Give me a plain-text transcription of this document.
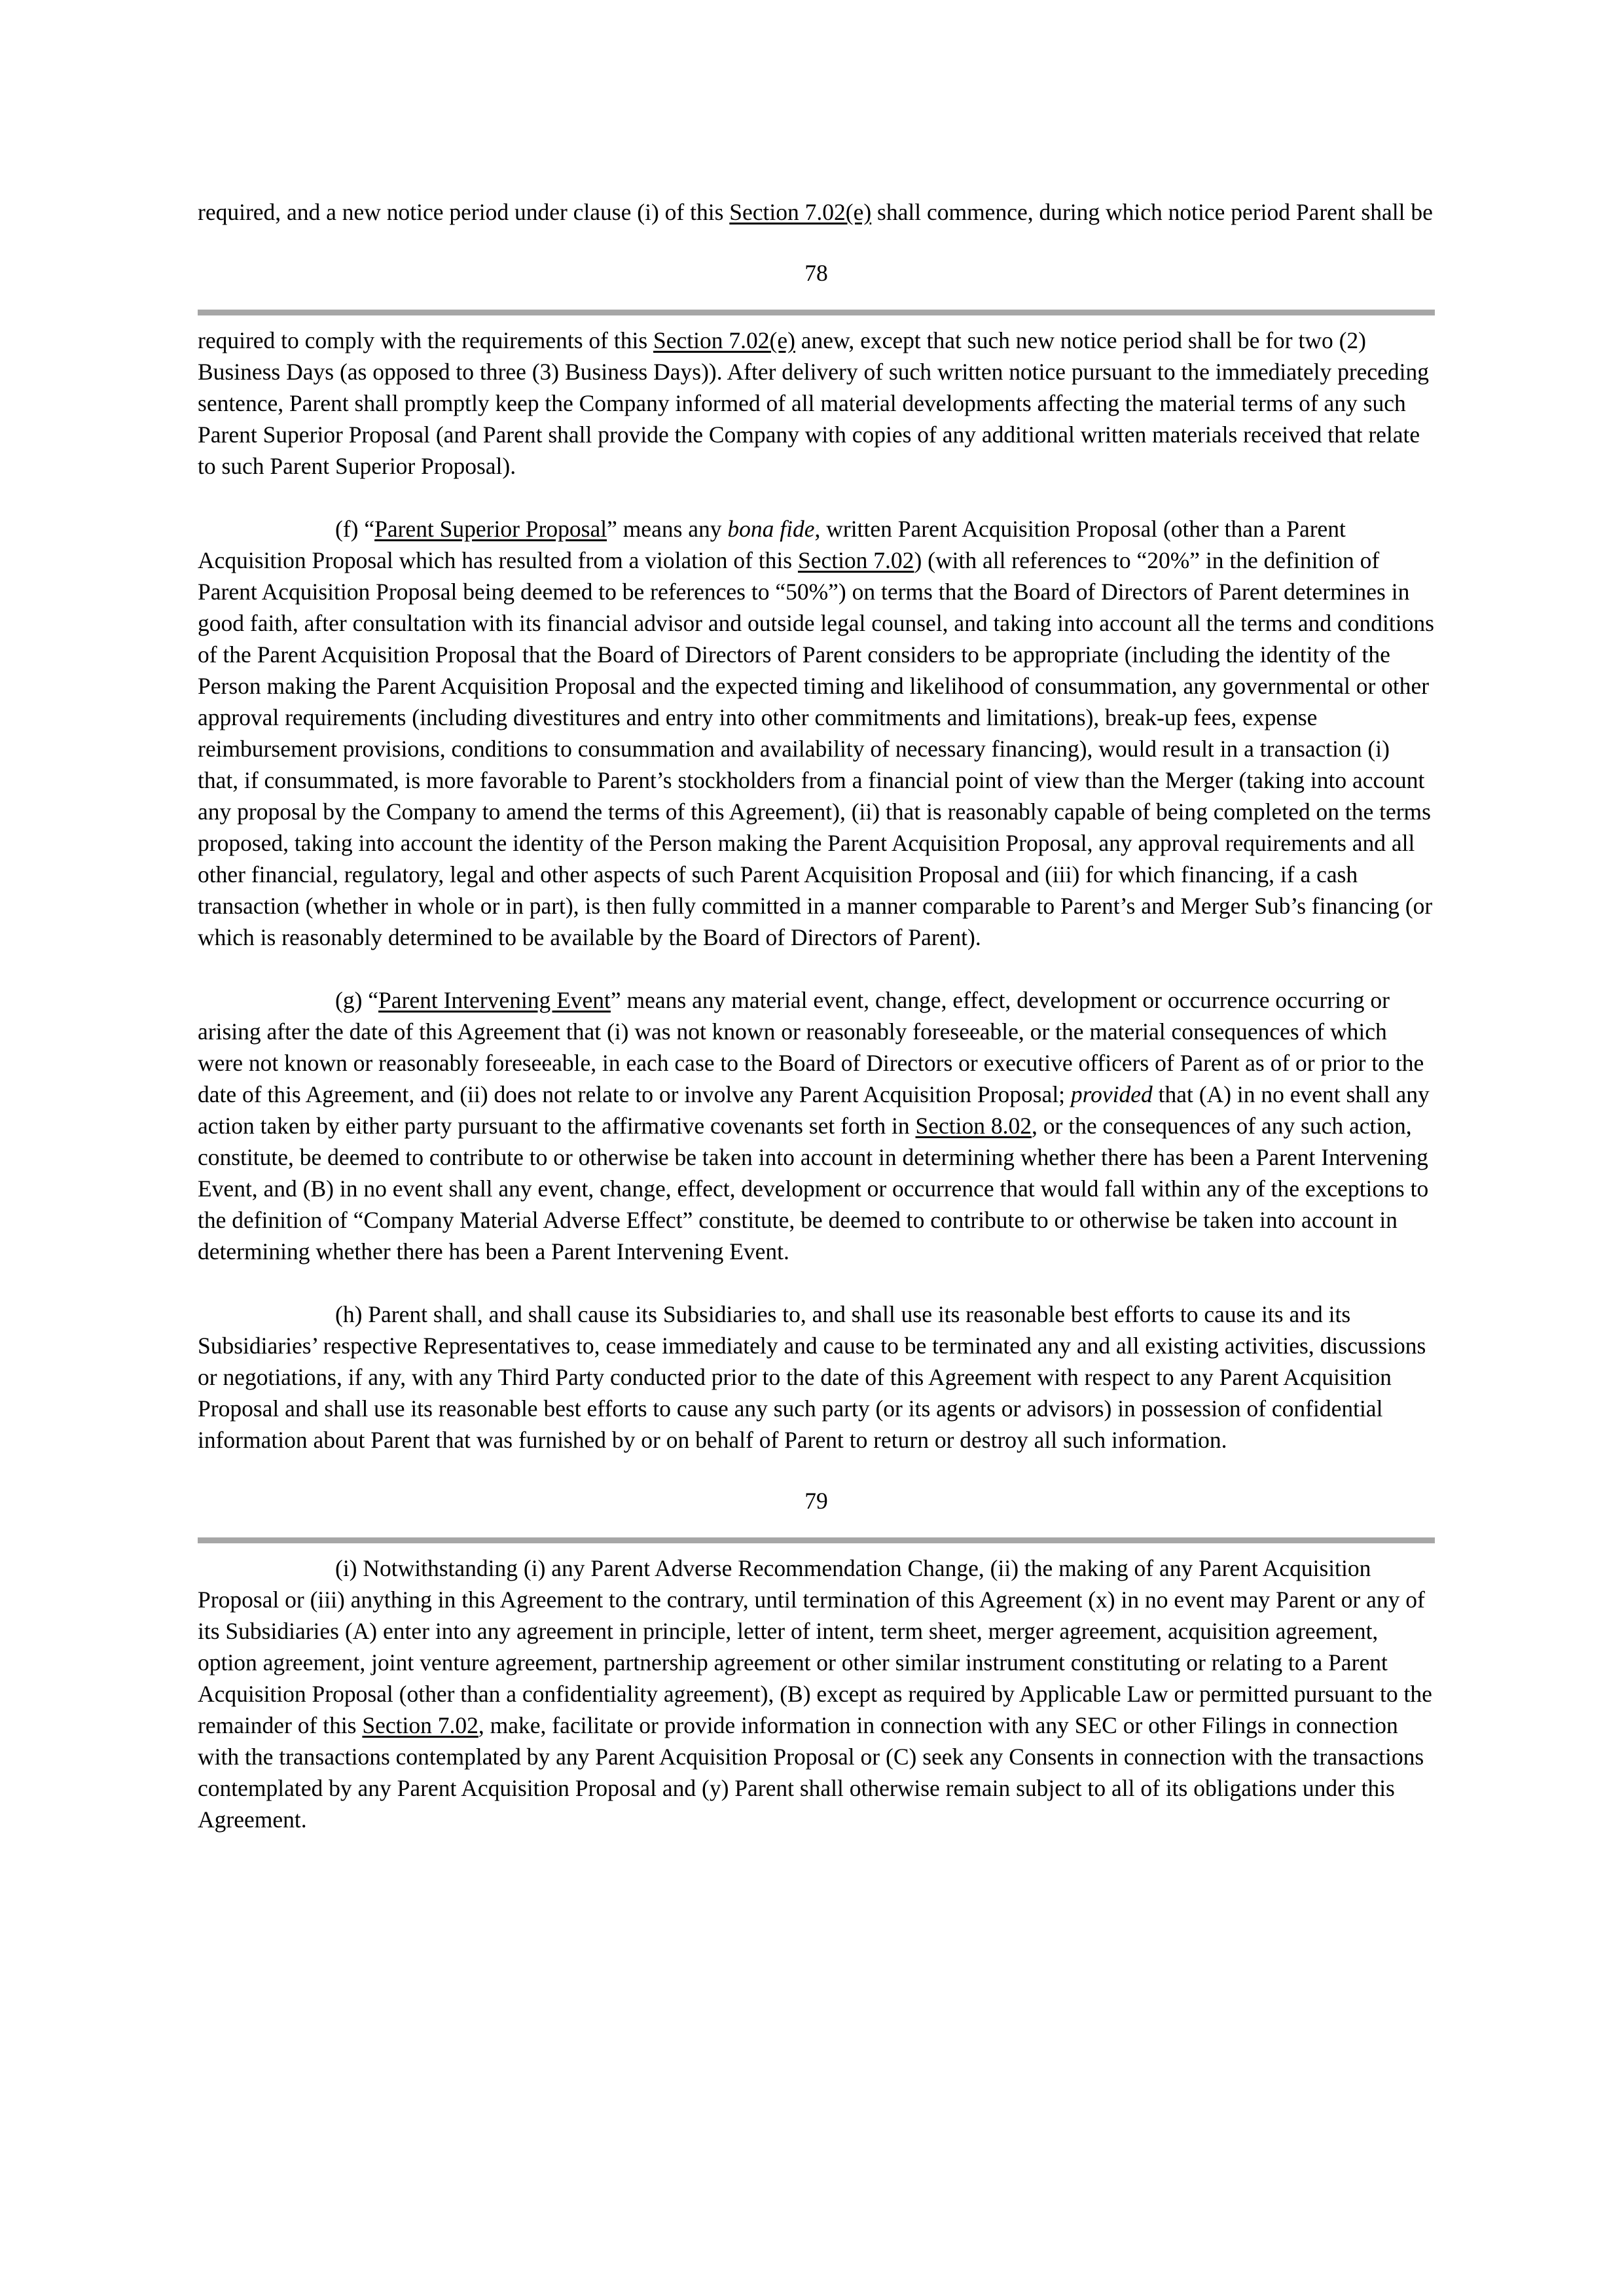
required, and a new notice period under clause (i) of this Section 7.02(e) shall commence, during which notice period Parent shall be

78

required to comply with the requirements of this Section 7.02(e) anew, except that such new notice period shall be for two (2) Business Days (as opposed to three (3) Business Days)). After delivery of such written notice pursuant to the immediately preceding sentence, Parent shall promptly keep the Company informed of all material developments affecting the material terms of any such Parent Superior Proposal (and Parent shall provide the Company with copies of any additional written materials received that relate to such Parent Superior Proposal).

(f) “Parent Superior Proposal” means any bona fide, written Parent Acquisition Proposal (other than a Parent Acquisition Proposal which has resulted from a violation of this Section 7.02) (with all references to “20%” in the definition of Parent Acquisition Proposal being deemed to be references to “50%”) on terms that the Board of Directors of Parent determines in good faith, after consultation with its financial advisor and outside legal counsel, and taking into account all the terms and conditions of the Parent Acquisition Proposal that the Board of Directors of Parent considers to be appropriate (including the identity of the Person making the Parent Acquisition Proposal and the expected timing and likelihood of consummation, any governmental or other approval requirements (including divestitures and entry into other commitments and limitations), break-up fees, expense reimbursement provisions, conditions to consummation and availability of necessary financing), would result in a transaction (i) that, if consummated, is more favorable to Parent’s stockholders from a financial point of view than the Merger (taking into account any proposal by the Company to amend the terms of this Agreement), (ii) that is reasonably capable of being completed on the terms proposed, taking into account the identity of the Person making the Parent Acquisition Proposal, any approval requirements and all other financial, regulatory, legal and other aspects of such Parent Acquisition Proposal and (iii) for which financing, if a cash transaction (whether in whole or in part), is then fully committed in a manner comparable to Parent’s and Merger Sub’s financing (or which is reasonably determined to be available by the Board of Directors of Parent).

(g) “Parent Intervening Event” means any material event, change, effect, development or occurrence occurring or arising after the date of this Agreement that (i) was not known or reasonably foreseeable, or the material consequences of which were not known or reasonably foreseeable, in each case to the Board of Directors or executive officers of Parent as of or prior to the date of this Agreement, and (ii) does not relate to or involve any Parent Acquisition Proposal; provided that (A) in no event shall any action taken by either party pursuant to the affirmative covenants set forth in Section 8.02, or the consequences of any such action, constitute, be deemed to contribute to or otherwise be taken into account in determining whether there has been a Parent Intervening Event, and (B) in no event shall any event, change, effect, development or occurrence that would fall within any of the exceptions to the definition of “Company Material Adverse Effect” constitute, be deemed to contribute to or otherwise be taken into account in determining whether there has been a Parent Intervening Event.

(h) Parent shall, and shall cause its Subsidiaries to, and shall use its reasonable best efforts to cause its and its Subsidiaries’ respective Representatives to, cease immediately and cause to be terminated any and all existing activities, discussions or negotiations, if any, with any Third Party conducted prior to the date of this Agreement with respect to any Parent Acquisition Proposal and shall use its reasonable best efforts to cause any such party (or its agents or advisors) in possession of confidential information about Parent that was furnished by or on behalf of Parent to return or destroy all such information.

79

(i) Notwithstanding (i) any Parent Adverse Recommendation Change, (ii) the making of any Parent Acquisition Proposal or (iii) anything in this Agreement to the contrary, until termination of this Agreement (x) in no event may Parent or any of its Subsidiaries (A) enter into any agreement in principle, letter of intent, term sheet, merger agreement, acquisition agreement, option agreement, joint venture agreement, partnership agreement or other similar instrument constituting or relating to a Parent Acquisition Proposal (other than a confidentiality agreement), (B) except as required by Applicable Law or permitted pursuant to the remainder of this Section 7.02, make, facilitate or provide information in connection with any SEC or other Filings in connection with the transactions contemplated by any Parent Acquisition Proposal or (C) seek any Consents in connection with the transactions contemplated by any Parent Acquisition Proposal and (y) Parent shall otherwise remain subject to all of its obligations under this Agreement.
